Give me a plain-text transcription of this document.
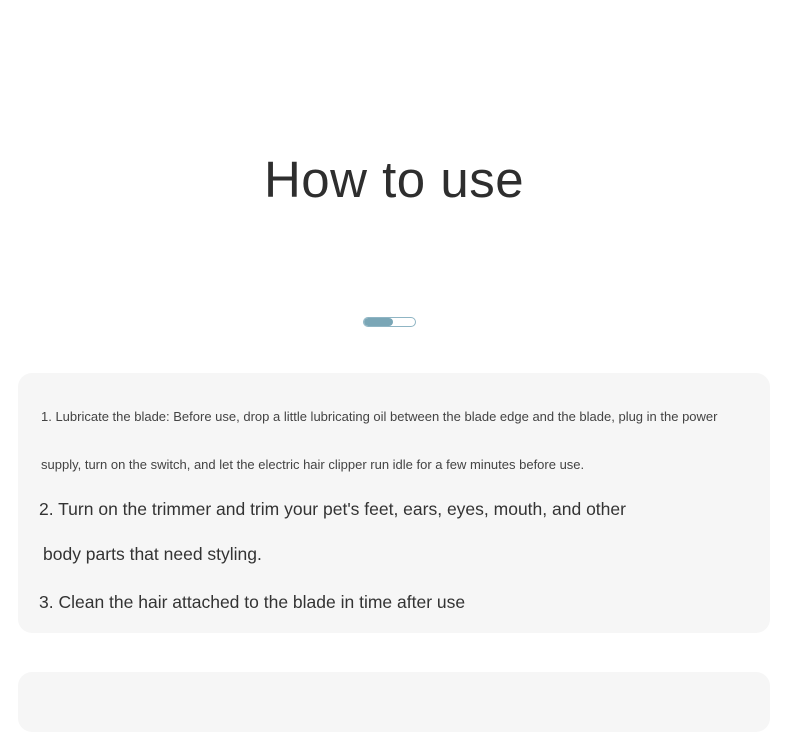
How to use

1. Lubricate the blade: Before use, drop a little lubricating oil between the blade edge and the blade, plug in the power

supply, turn on the switch, and let the electric hair clipper run idle for a few minutes before use.

2. Turn on the trimmer and trim your pet's feet, ears, eyes, mouth, and other

body parts that need styling.

3. Clean the hair attached to the blade in time after use
